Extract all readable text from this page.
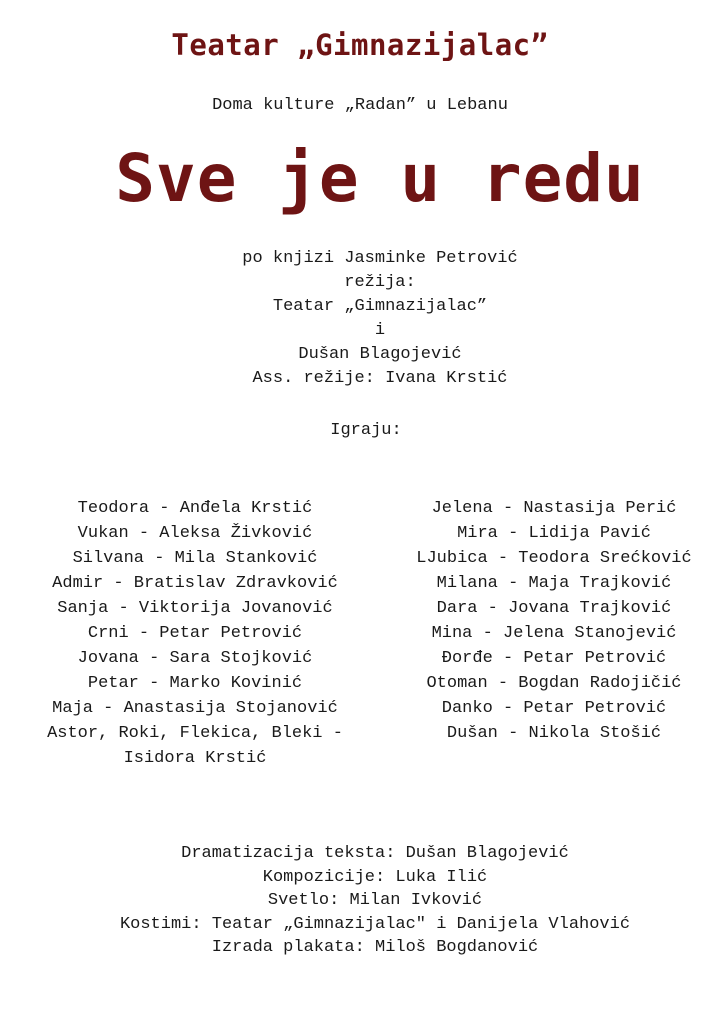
Teatar „Gimnazijalac”
Doma kulture „Radan” u Lebanu
Sve je u redu
po knjizi Jasminke Petrović
režija:
Teatar „Gimnazijalac”
i
Dušan Blagojević
Ass. režije: Ivana Krstić
Igraju:
Teodora - Anđela Krstić
Vukan - Aleksa Živković
Silvana - Mila Stanković
Admir - Bratislav Zdravković
Sanja - Viktorija Jovanović
Crni - Petar Petrović
Jovana - Sara Stojković
Petar - Marko Kovinić
Maja - Anastasija Stojanović
Astor, Roki, Flekica, Bleki -
Isidora Krstić
Jelena - Nastasija Perić
Mira - Lidija Pavić
LJubica - Teodora Srećković
Milana - Maja Trajković
Dara - Jovana Trajković
Mina - Jelena Stanojević
Đorđe - Petar Petrović
Otoman - Bogdan Radojičić
Danko - Petar Petrović
Dušan - Nikola Stošić
Dramatizacija teksta: Dušan Blagojević
Kompozicije: Luka Ilić
Svetlo: Milan Ivković
Kostimi: Teatar „Gimnazijalac" i Danijela Vlahović
Izrada plakata: Miloš Bogdanović
